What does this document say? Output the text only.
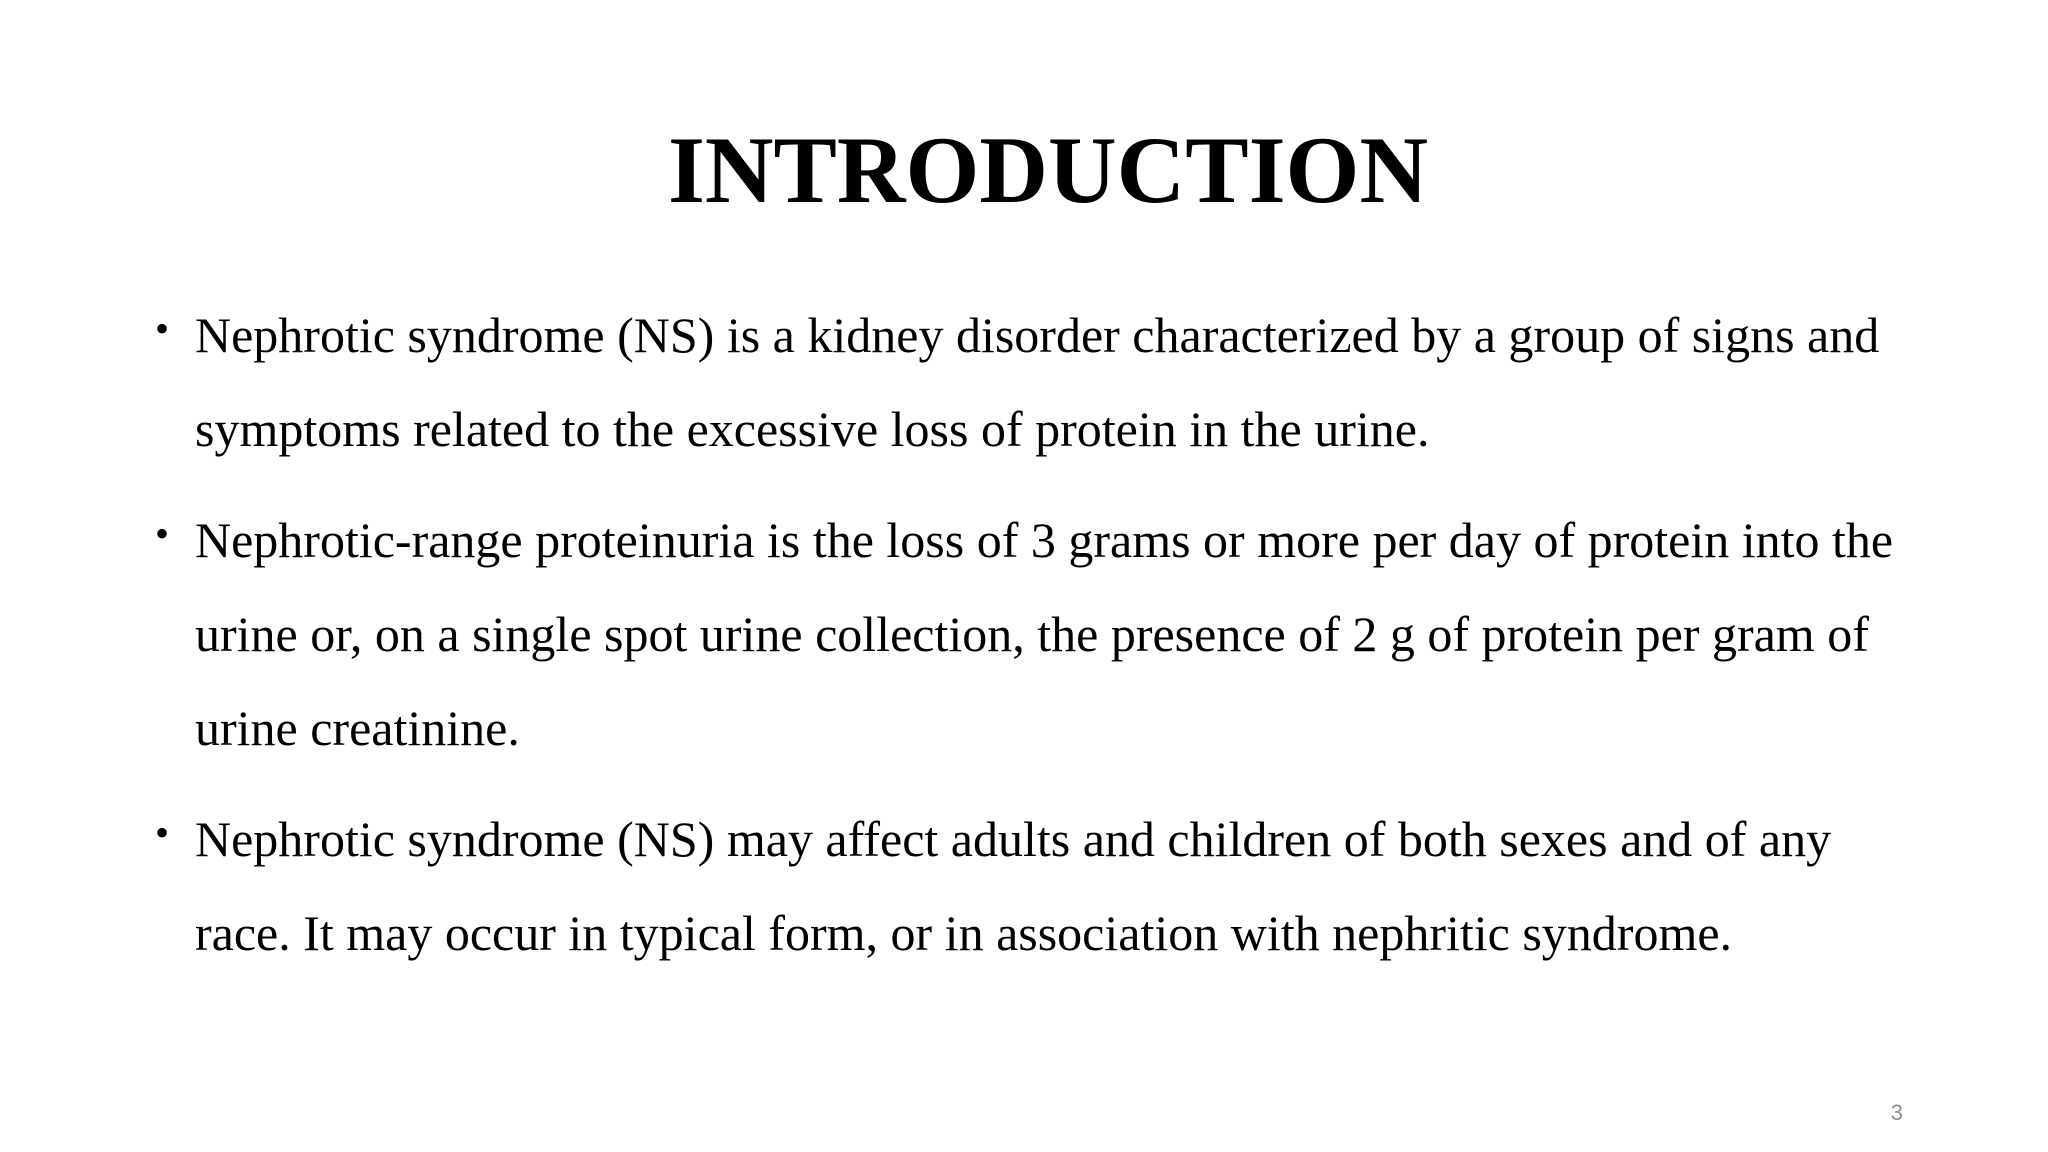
INTRODUCTION
• Nephrotic syndrome (NS) is a kidney disorder characterized by a group of signs and symptoms related to the excessive loss of protein in the urine.
• Nephrotic-range proteinuria is the loss of 3 grams or more per day of protein into the urine or, on a single spot urine collection, the presence of 2 g of protein per gram of urine creatinine.
• Nephrotic syndrome (NS) may affect adults and children of both sexes and of any race. It may occur in typical form, or in association with nephritic syndrome.
3
